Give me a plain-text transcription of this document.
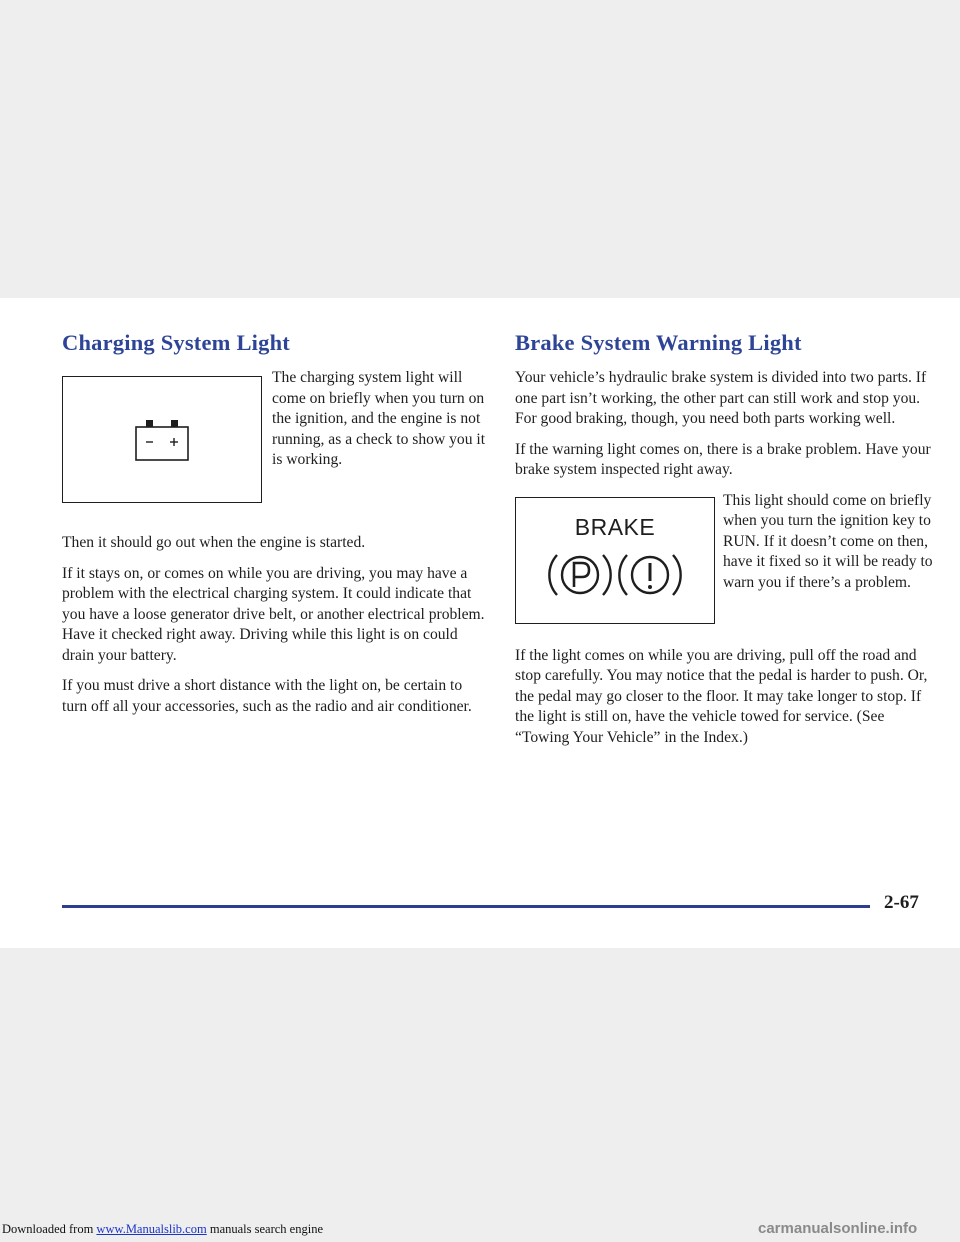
Charging System Light

The charging system light will come on briefly when you turn on the ignition, and the engine is not running, as a check to show you it is working.

Then it should go out when the engine is started.

If it stays on, or comes on while you are driving, you may have a problem with the electrical charging system. It could indicate that you have a loose generator drive belt, or another electrical problem. Have it checked right away. Driving while this light is on could drain your battery.

If you must drive a short distance with the light on, be certain to turn off all your accessories, such as the radio and air conditioner.

Brake System Warning Light

Your vehicle’s hydraulic brake system is divided into two parts. If one part isn’t working, the other part can still work and stop you. For good braking, though, you need both parts working well.

If the warning light comes on, there is a brake problem. Have your brake system inspected right away.

BRAKE

This light should come on briefly when you turn the ignition key to RUN. If it doesn’t come on then, have it fixed so it will be ready to warn you if there’s a problem.

If the light comes on while you are driving, pull off the road and stop carefully. You may notice that the pedal is harder to push. Or, the pedal may go closer to the floor. It may take longer to stop. If the light is still on, have the vehicle towed for service. (See “Towing Your Vehicle” in the Index.)

2-67
Downloaded from www.Manualslib.com manuals search engine	carmanualsonline.info
